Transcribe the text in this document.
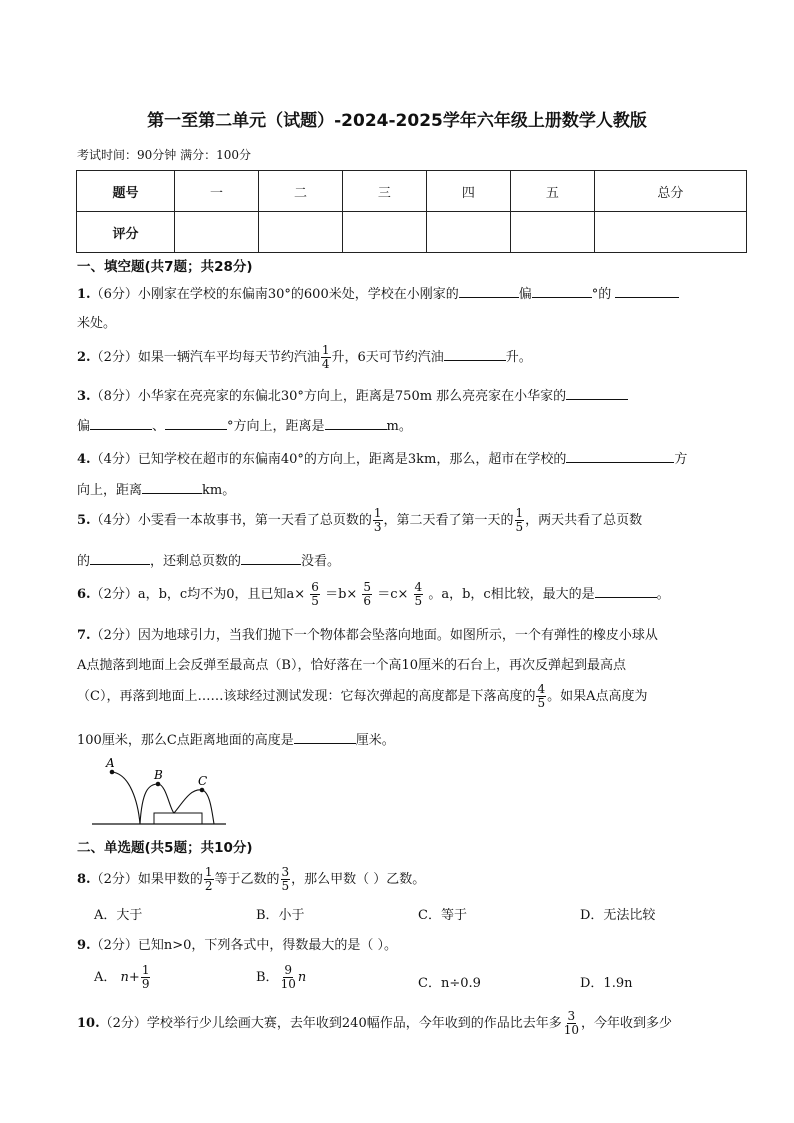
第一至第二单元（试题）-2024-2025学年六年级上册数学人教版
考试时间：90分钟 满分：100分
题号	一	二	三	四	五	总分
评分						
一、填空题(共7题；共28分)
1.（6分）小刚家在学校的东偏南30°的600米处，学校在小刚家的	偏	°的
米处。
2.（2分）如果一辆汽车平均每天节约汽油 $\frac{1}{4}$ 升，6天可节约汽油	升。
3.（8分）小华家在亮亮家的东偏北30°方向上，距离是750m 那么亮亮家在小华家的
偏	、	°方向上，距离是	m。
4.（4分）已知学校在超市的东偏南40°的方向上，距离是3km，那么，超市在学校的	方
向上，距离	km。
5.（4分）小雯看一本故事书，第一天看了总页数的 $\frac{1}{3}$ ，第二天看了第一天的 $\frac{1}{5}$ ，两天共看了总页数
的	，还剩总页数的	没看。
6.（2分）a，b，c均不为0，且已知$a\times \frac{6}{5} =b\times \frac{5}{6} =c\times \frac{4}{5}$ 。a，b，c相比较，最大的是	。
7.（2分）因为地球引力，当我们抛下一个物体都会坠落向地面。如图所示，一个有弹性的橡皮小球从
A点抛落到地面上会反弹至最高点（B），恰好落在一个高10厘米的石台上，再次反弹起到最高点
（C），再落到地面上……该球经过测试发现：它每次弹起的高度都是下落高度的 $\frac{4}{5}$ 。如果A点高度为
100厘米，那么C点距离地面的高度是	厘米。
A
B	C
二、单选题(共5题；共10分)
8.（2分）如果甲数的 $\frac{1}{2}$ 等于乙数的 $\frac{3}{5}$ ，那么甲数（ ）乙数。
A．大于	B．小于	C．等于	D．无法比较
9.（2分）已知n>0，下列各式中，得数最大的是（ ）。
A． $n+ \frac{1}{9}$	B． $\frac{9}{10}$ n	C．n÷0.9	D．1.9n
10.（2分）学校举行少儿绘画大赛，去年收到240幅作品，今年收到的作品比去年多 $\frac{3}{10}$ ，今年收到多少
